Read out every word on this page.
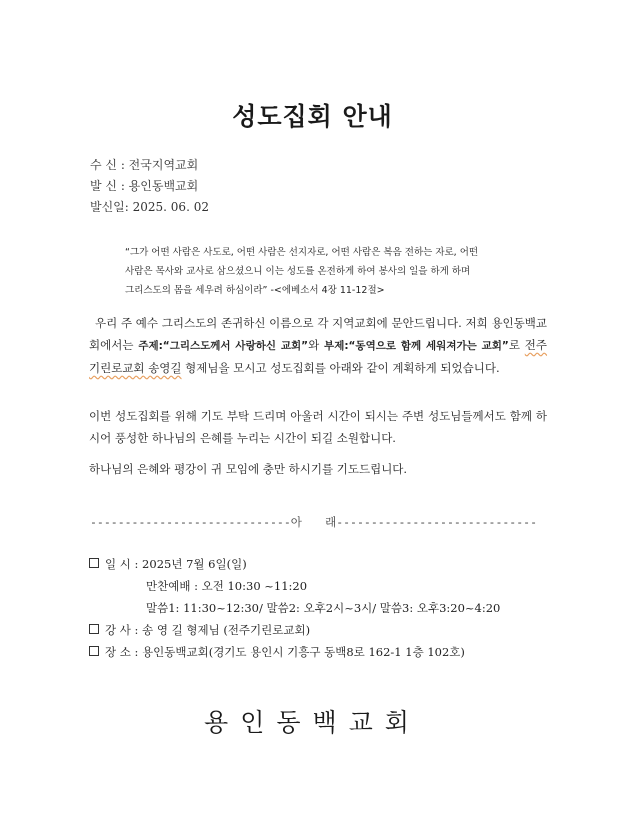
성도집회 안내
수 신 : 전국지역교회
발 신 : 용인동백교회
발신일: 2025. 06. 02
“그가 어떤 사람은 사도로, 어떤 사람은 선지자로, 어떤 사람은 복음 전하는 자로, 어떤
사람은 목사와 교사로 삼으셨으니 이는 성도를 온전하게 하여 봉사의 일을 하게 하며
그리스도의 몸을 세우려 하심이라” -<에베소서 4장 11-12절>
우리 주 예수 그리스도의 존귀하신 이름으로 각 지역교회에 문안드립니다. 저희 용인동백교회에서는 주제:“그리스도께서 사랑하신 교회”와 부제:“동역으로 함께 세워져가는 교회”로 전주기린로교회 송영길 형제님을 모시고 성도집회를 아래와 같이 계획하게 되었습니다.
이번 성도집회를 위해 기도 부탁 드리며 아울러 시간이 되시는 주변 성도님들께서도 함께 하시어 풍성한 하나님의 은혜를 누리는 시간이 되길 소원합니다.
하나님의 은혜와 평강이 귀 모임에 충만 하시기를 기도드립니다.
-----------------------------아 래-----------------------------
일 시 : 2025년 7월 6일(일)
만찬예배 : 오전 10:30 ~11:20
말씀1: 11:30~12:30/ 말씀2: 오후2시~3시/ 말씀3: 오후3:20~4:20
강 사 : 송 영 길 형제님 (전주기린로교회)
장 소 : 용인동백교회(경기도 용인시 기흥구 동백8로 162-1 1층 102호)
용인동백교회
